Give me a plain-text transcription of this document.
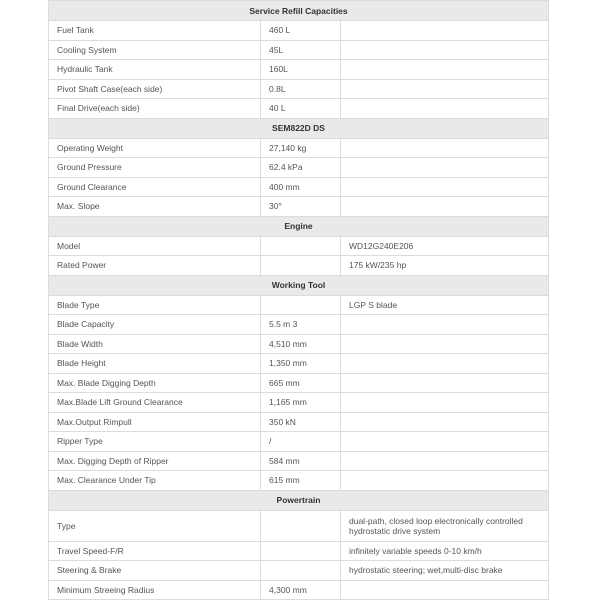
Service Refill Capacities		
Fuel Tank	460 L	
Cooling System	45L	
Hydraulic Tank	160L	
Pivot Shaft Case(each side)	0.8L	
Final Drive(each side)	40 L	
SEM822D DS		
Operating Weight	27,140 kg	
Ground Pressure	62.4 kPa	
Ground Clearance	400 mm	
Max. Slope	30°	
Engine		
Model		WD12G240E206
Rated Power		175 kW/235 hp
Working Tool		
Blade Type		LGP S blade
Blade Capacity	5.5 m 3	
Blade Width	4,510 mm	
Blade Height	1,350 mm	
Max. Blade Digging Depth	665 mm	
Max.Blade Lift Ground Clearance	1,165 mm	
Max.Output Rimpull	350 kN	
Ripper Type	/	
Max. Digging Depth of Ripper	584 mm	
Max. Clearance Under Tip	615 mm	
Powertrain		
Type		dual-path, closed loop electronically controlled hydrostatic drive system
Travel Speed-F/R		infinitely variable speeds 0-10 km/h
Steering & Brake		hydrostatic steering; wet,multi-disc brake
Minimum Streeing Radius	4,300 mm	
